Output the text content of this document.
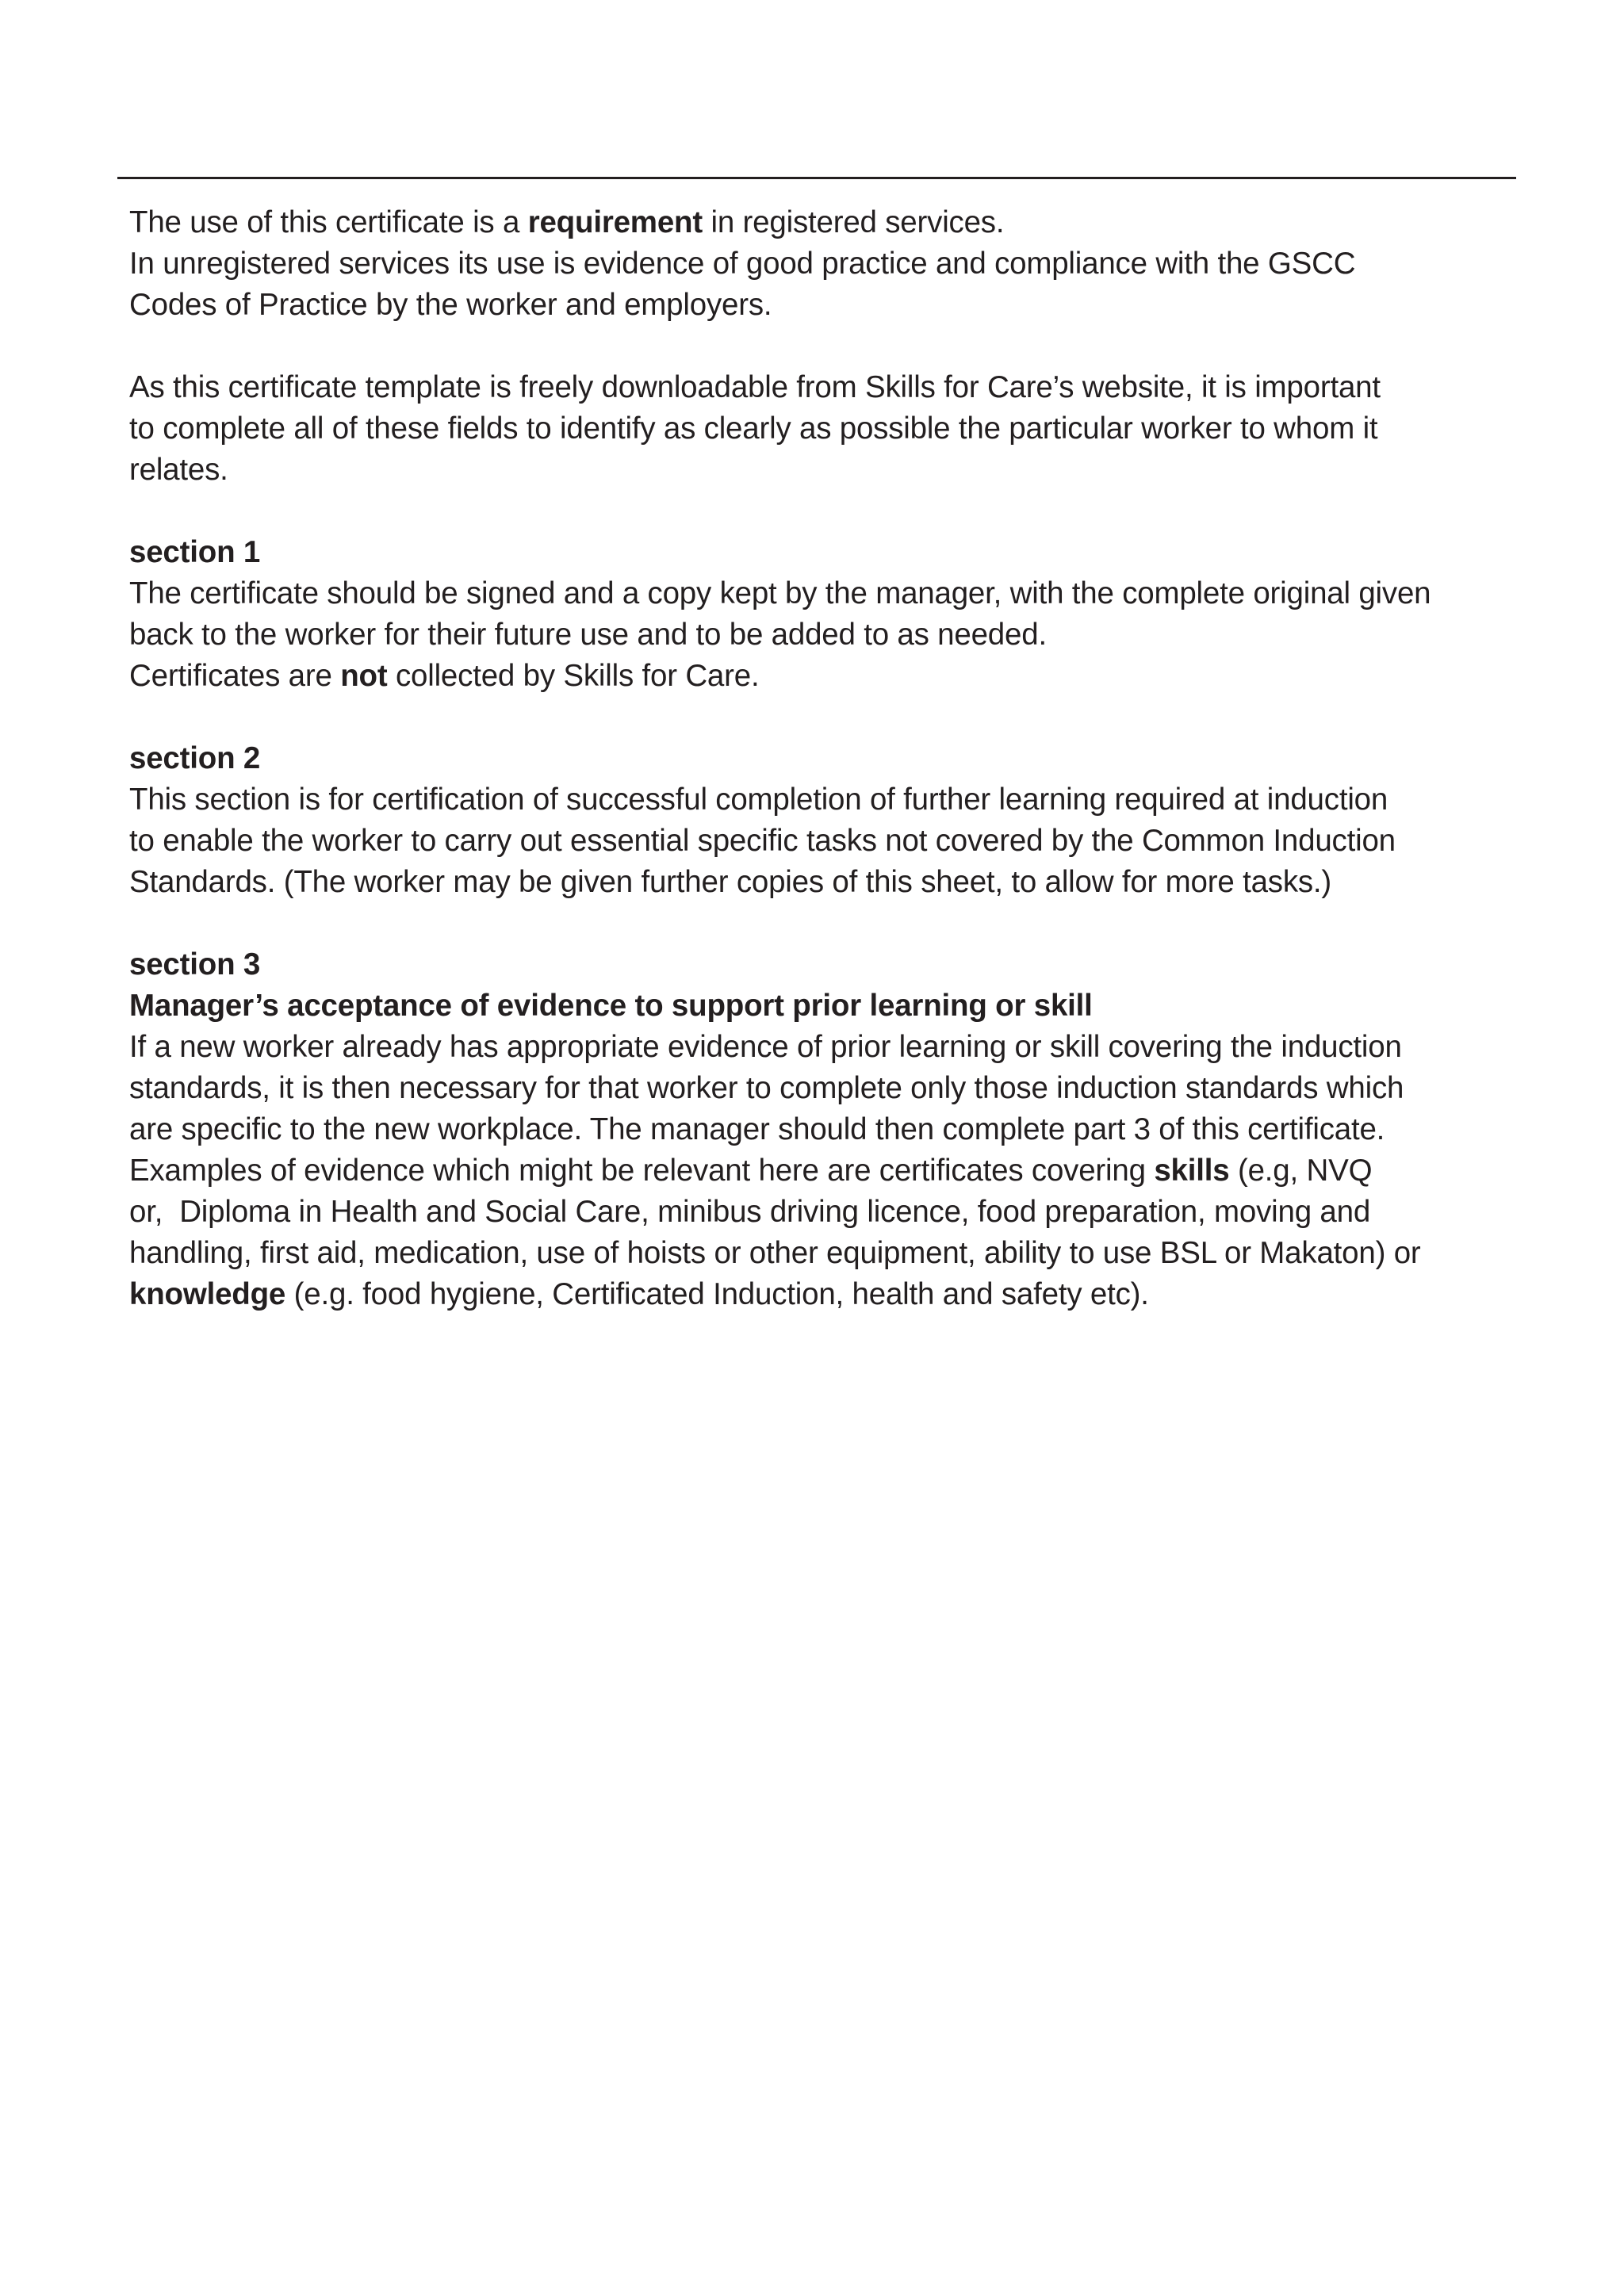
The use of this certificate is a requirement in registered services.

In unregistered services its use is evidence of good practice and compliance with the GSCC

Codes of Practice by the worker and employers.

As this certificate template is freely downloadable from Skills for Care’s website, it is important

to complete all of these fields to identify as clearly as possible the particular worker to whom it

relates.

section 1

The certificate should be signed and a copy kept by the manager, with the complete original given

back to the worker for their future use and to be added to as needed.

Certificates are not collected by Skills for Care.

section 2

This section is for certification of successful completion of further learning required at induction

to enable the worker to carry out essential specific tasks not covered by the Common Induction

Standards. (The worker may be given further copies of this sheet, to allow for more tasks.)

section 3

Manager’s acceptance of evidence to support prior learning or skill

If a new worker already has appropriate evidence of prior learning or skill covering the induction

standards, it is then necessary for that worker to complete only those induction standards which

are specific to the new workplace. The manager should then complete part 3 of this certificate.

Examples of evidence which might be relevant here are certificates covering skills (e.g, NVQ

or,  Diploma in Health and Social Care, minibus driving licence, food preparation, moving and

handling, first aid, medication, use of hoists or other equipment, ability to use BSL or Makaton) or

knowledge (e.g. food hygiene, Certificated Induction, health and safety etc).
